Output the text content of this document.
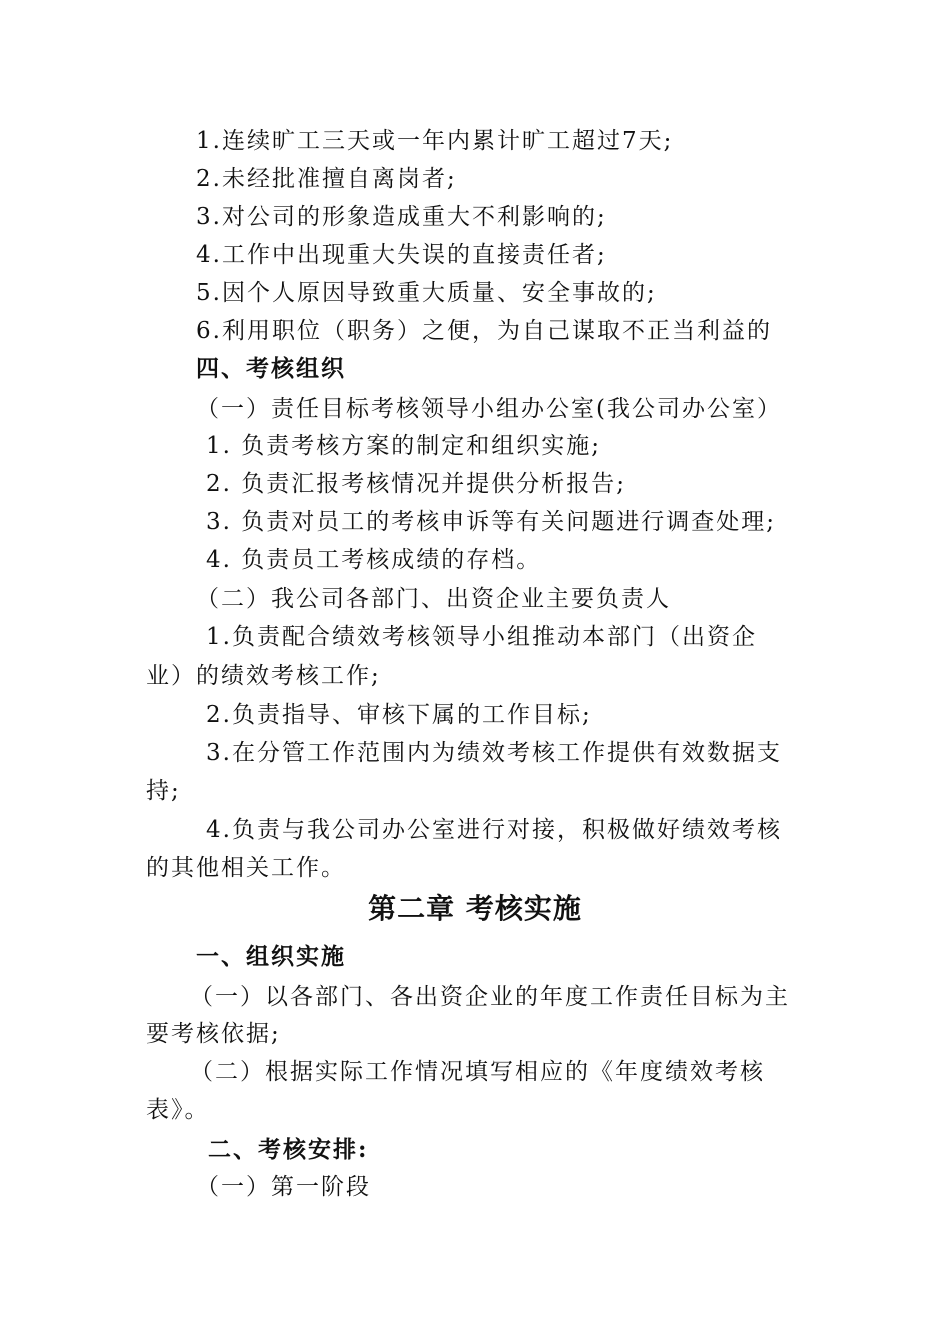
1.连续旷工三天或一年内累计旷工超过7天;
2.未经批准擅自离岗者;
3.对公司的形象造成重大不利影响的;
4.工作中出现重大失误的直接责任者;
5.因个人原因导致重大质量、安全事故的;
6.利用职位（职务）之便，为自己谋取不正当利益的
四、考核组织
（一）责任目标考核领导小组办公室(我公司办公室）
1. 负责考核方案的制定和组织实施;
2. 负责汇报考核情况并提供分析报告;
3. 负责对员工的考核申诉等有关问题进行调查处理;
4. 负责员工考核成绩的存档。
（二）我公司各部门、出资企业主要负责人
1.负责配合绩效考核领导小组推动本部门（出资企
业）的绩效考核工作;
2.负责指导、审核下属的工作目标;
3.在分管工作范围内为绩效考核工作提供有效数据支
持;
4.负责与我公司办公室进行对接，积极做好绩效考核
的其他相关工作。
第二章 考核实施
一、组织实施
（一）以各部门、各出资企业的年度工作责任目标为主
要考核依据;
（二）根据实际工作情况填写相应的《年度绩效考核
表》。
二、考核安排:
（一）第一阶段
